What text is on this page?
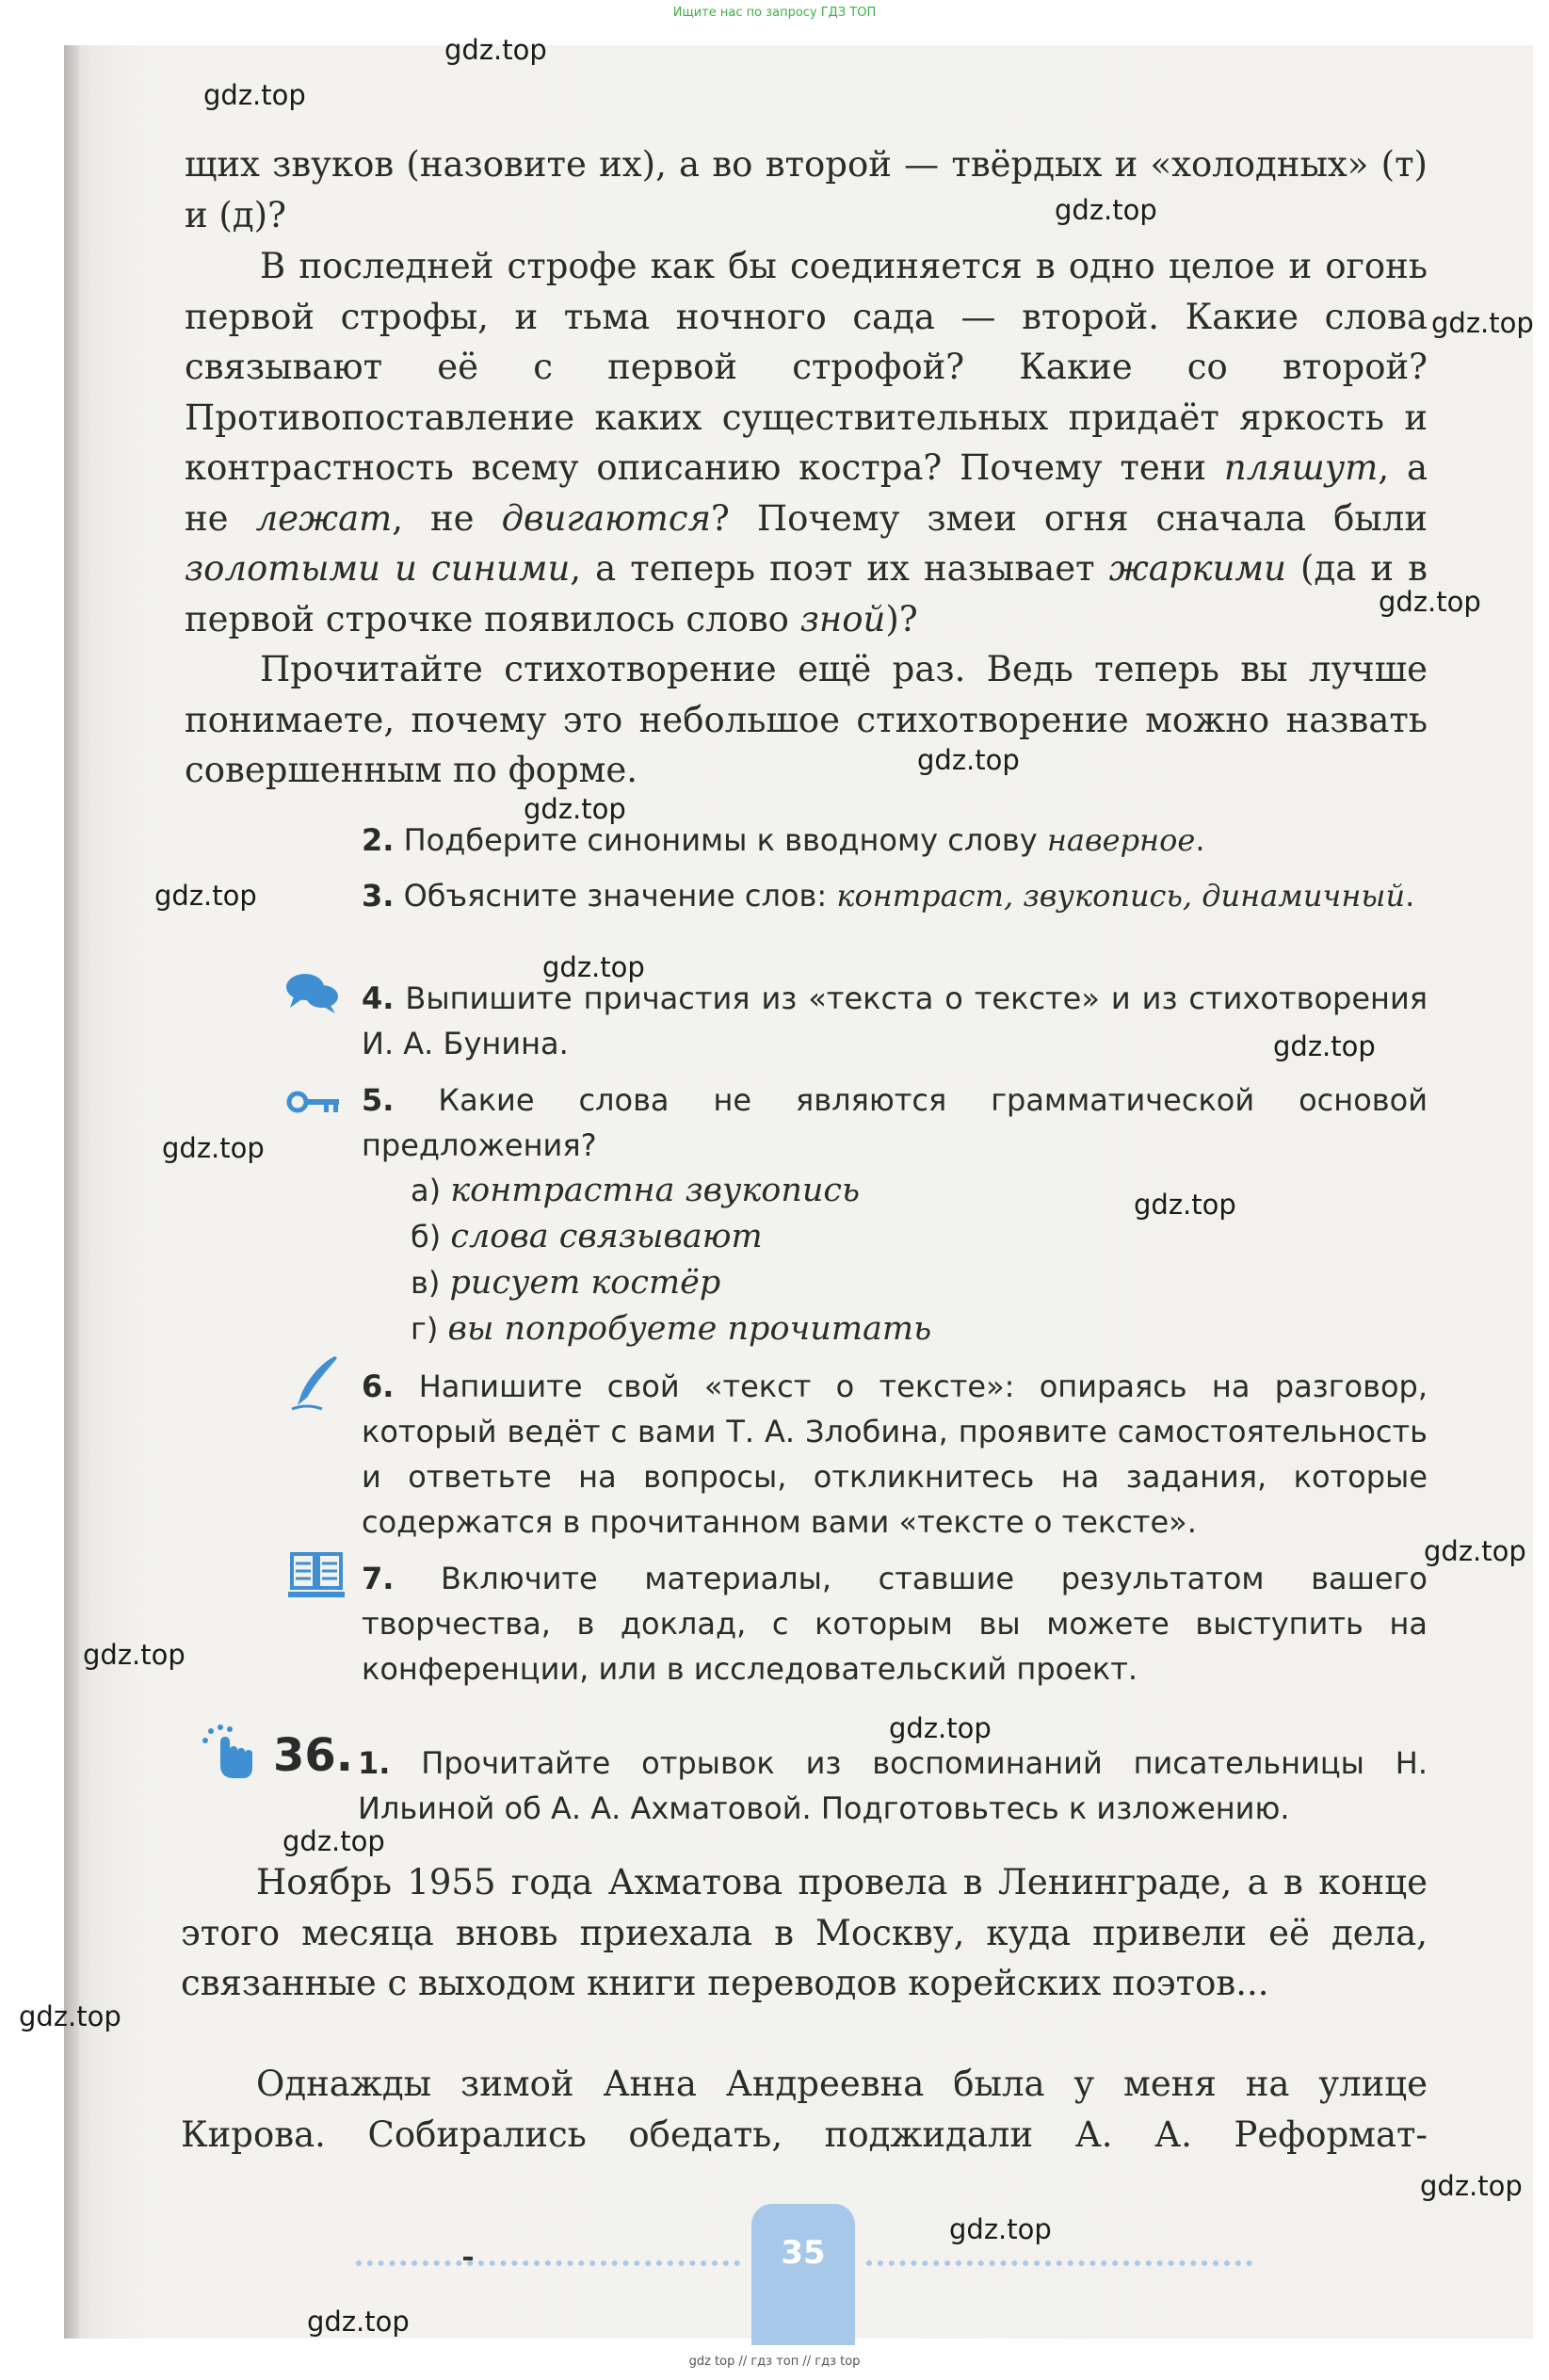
Ищите нас по запросу ГДЗ ТОП

щих звуков (назовите их), а во второй — твёрдых и «холодных» (т) и (д)?

В последней строфе как бы соединяется в одно целое и огонь первой строфы, и тьма ночного сада — второй. Какие слова связывают её с первой строфой? Какие со второй? Противопоставление каких существительных придаёт яркость и контрастность всему описанию костра? Почему тени пляшут, а не лежат, не двигаются? Почему змеи огня сначала были золотыми и синими, а теперь поэт их называет жаркими (да и в первой строчке появилось слово зной)?

Прочитайте стихотворение ещё раз. Ведь теперь вы лучше понимаете, почему это небольшое стихотворение можно назвать совершенным по форме.

2. Подберите синонимы к вводному слову наверное.
3. Объясните значение слов: контраст, звукопись, динамичный.
4. Выпишите причастия из «текста о тексте» и из стихотворения И. А. Бунина.
5. Какие слова не являются грамматической основой предложения?
а) контрастна звукопись
б) слова связывают
в) рисует костёр
г) вы попробуете прочитать
6. Напишите свой «текст о тексте»: опираясь на разговор, который ведёт с вами Т. А. Злобина, проявите самостоятельность и ответьте на вопросы, откликнитесь на задания, которые содержатся в прочитанном вами «тексте о тексте».
7. Включите материалы, ставшие результатом вашего творчества, в доклад, с которым вы можете выступить на конференции, или в исследовательский проект.
36. 1. Прочитайте отрывок из воспоминаний писательницы Н. Ильиной об А. А. Ахматовой. Подготовьтесь к изложению.

Ноябрь 1955 года Ахматова провела в Ленинграде, а в конце этого месяца вновь приехала в Москву, куда привели её дела, связанные с выходом книги переводов корейских поэтов...

Однажды зимой Анна Андреевна была у меня на улице Кирова. Собирались обедать, поджидали А. А. Реформат-

35
gdz.top
gdz.top
gdz.top
gdz.top
gdz.top
gdz.top
gdz.top
gdz.top
gdz.top
gdz.top
gdz.top
gdz.top
gdz.top
gdz.top
gdz.top
gdz.top
gdz.top
gdz.top
gdz.top
gdz.top
gdz top // гдз топ // гдз top
